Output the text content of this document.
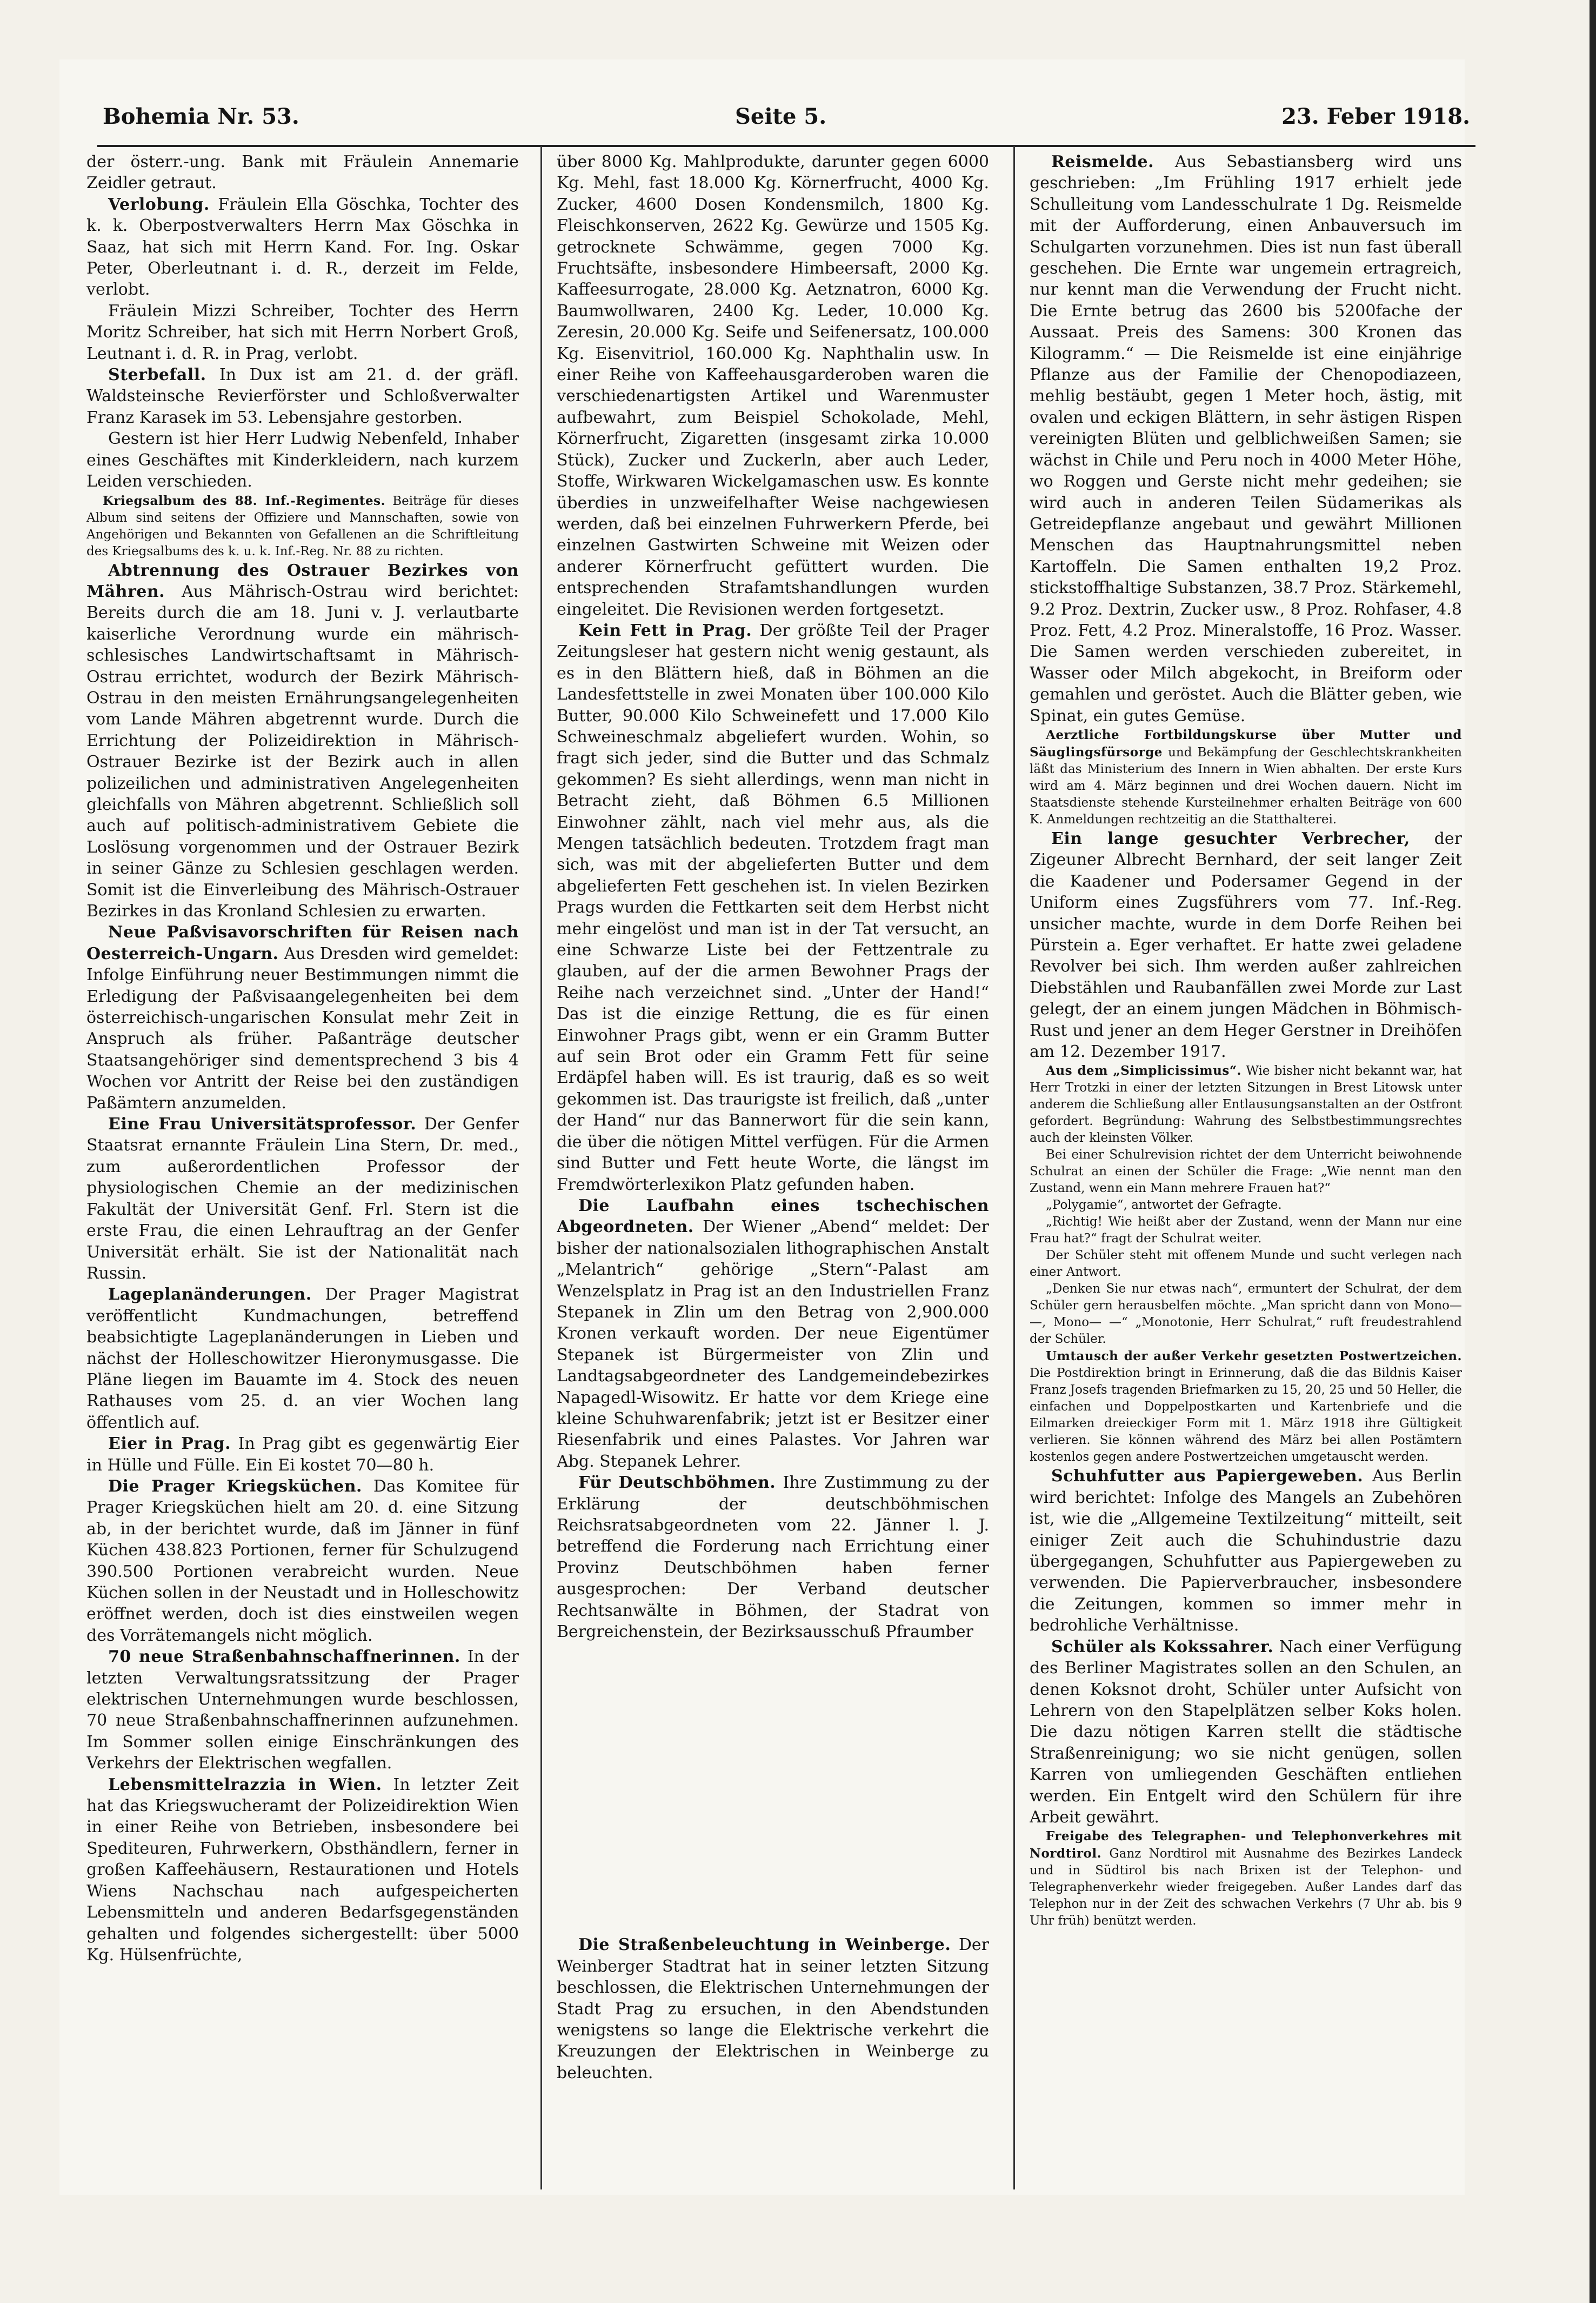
Bohemia Nr. 53.	Seite 5.	23. Feber 1918.

der österr.-ung. Bank mit Fräulein Annemarie Zeidler getraut.

Verlobung. Fräulein Ella Göschka, Tochter des k. k. Oberpostverwalters Herrn Max Göschka in Saaz, hat sich mit Herrn Kand. For. Ing. Oskar Peter, Oberleutnant i. d. R., derzeit im Felde, verlobt.

Fräulein Mizzi Schreiber, Tochter des Herrn Moritz Schreiber, hat sich mit Herrn Norbert Groß, Leutnant i. d. R. in Prag, verlobt.

Sterbefall. In Dux ist am 21. d. der gräfl. Waldsteinsche Revierförster und Schloßverwalter Franz Karasek im 53. Lebensjahre gestorben.

Gestern ist hier Herr Ludwig Nebenfeld, Inhaber eines Geschäftes mit Kinderkleidern, nach kurzem Leiden verschieden.

Kriegsalbum des 88. Inf.-Regimentes. Beiträge für dieses Album sind seitens der Offiziere und Mannschaften, sowie von Angehörigen und Bekannten von Gefallenen an die Schriftleitung des Kriegsalbums des k. u. k. Inf.-Reg. Nr. 88 zu richten.

Abtrennung des Ostrauer Bezirkes von Mähren. Aus Mährisch-Ostrau wird berichtet: Bereits durch die am 18. Juni v. J. verlautbarte kaiserliche Verordnung wurde ein mährisch-schlesisches Landwirtschaftsamt in Mährisch-Ostrau errichtet, wodurch der Bezirk Mährisch-Ostrau in den meisten Ernährungsangelegenheiten vom Lande Mähren abgetrennt wurde. Durch die Errichtung der Polizeidirektion in Mährisch-Ostrauer Bezirke ist der Bezirk auch in allen polizeilichen und administrativen Angelegenheiten gleichfalls von Mähren abgetrennt. Schließlich soll auch auf politisch-administrativem Gebiete die Loslösung vorgenommen und der Ostrauer Bezirk in seiner Gänze zu Schlesien geschlagen werden. Somit ist die Einverleibung des Mährisch-Ostrauer Bezirkes in das Kronland Schlesien zu erwarten.

Neue Paßvisavorschriften für Reisen nach Oesterreich-Ungarn. Aus Dresden wird gemeldet: Infolge Einführung neuer Bestimmungen nimmt die Erledigung der Paßvisaangelegenheiten bei dem österreichisch-ungarischen Konsulat mehr Zeit in Anspruch als früher. Paßanträge deutscher Staatsangehöriger sind dementsprechend 3 bis 4 Wochen vor Antritt der Reise bei den zuständigen Paßämtern anzumelden.

Eine Frau Universitätsprofessor. Der Genfer Staatsrat ernannte Fräulein Lina Stern, Dr. med., zum außerordentlichen Professor der physiologischen Chemie an der medizinischen Fakultät der Universität Genf. Frl. Stern ist die erste Frau, die einen Lehrauftrag an der Genfer Universität erhält. Sie ist der Nationalität nach Russin.

Lageplanänderungen. Der Prager Magistrat veröffentlicht Kundmachungen, betreffend beabsichtigte Lageplanänderungen in Lieben und nächst der Holleschowitzer Hieronymusgasse. Die Pläne liegen im Bauamte im 4. Stock des neuen Rathauses vom 25. d. an vier Wochen lang öffentlich auf.

Eier in Prag. In Prag gibt es gegenwärtig Eier in Hülle und Fülle. Ein Ei kostet 70—80 h.

Die Prager Kriegsküchen. Das Komitee für Prager Kriegsküchen hielt am 20. d. eine Sitzung ab, in der berichtet wurde, daß im Jänner in fünf Küchen 438.823 Portionen, ferner für Schulzugend 390.500 Portionen verabreicht wurden. Neue Küchen sollen in der Neustadt und in Holleschowitz eröffnet werden, doch ist dies einstweilen wegen des Vorrätemangels nicht möglich.

70 neue Straßenbahnschaffnerinnen. In der letzten Verwaltungsratssitzung der Prager elektrischen Unternehmungen wurde beschlossen, 70 neue Straßenbahnschaffnerinnen aufzunehmen. Im Sommer sollen einige Einschränkungen des Verkehrs der Elektrischen wegfallen.

Lebensmittelrazzia in Wien. In letzter Zeit hat das Kriegswucheramt der Polizeidirektion Wien in einer Reihe von Betrieben, insbesondere bei Spediteuren, Fuhrwerkern, Obsthändlern, ferner in großen Kaffeehäusern, Restaurationen und Hotels Wiens Nachschau nach aufgespeicherten Lebensmitteln und anderen Bedarfsgegenständen gehalten und folgendes sichergestellt: über 5000 Kg. Hülsenfrüchte,

über 8000 Kg. Mahlprodukte, darunter gegen 6000 Kg. Mehl, fast 18.000 Kg. Körnerfrucht, 4000 Kg. Zucker, 4600 Dosen Kondensmilch, 1800 Kg. Fleischkonserven, 2622 Kg. Gewürze und 1505 Kg. getrocknete Schwämme, gegen 7000 Kg. Fruchtsäfte, insbesondere Himbeersaft, 2000 Kg. Kaffeesurrogate, 28.000 Kg. Aetznatron, 6000 Kg. Baumwollwaren, 2400 Kg. Leder, 10.000 Kg. Zeresin, 20.000 Kg. Seife und Seifenersatz, 100.000 Kg. Eisenvitriol, 160.000 Kg. Naphthalin usw. In einer Reihe von Kaffeehausgarderoben waren die verschiedenartigsten Artikel und Warenmuster aufbewahrt, zum Beispiel Schokolade, Mehl, Körnerfrucht, Zigaretten (insgesamt zirka 10.000 Stück), Zucker und Zuckerln, aber auch Leder, Stoffe, Wirkwaren Wickelgamaschen usw. Es konnte überdies in unzweifelhafter Weise nachgewiesen werden, daß bei einzelnen Fuhrwerkern Pferde, bei einzelnen Gastwirten Schweine mit Weizen oder anderer Körnerfrucht gefüttert wurden. Die entsprechenden Strafamtshandlungen wurden eingeleitet. Die Revisionen werden fortgesetzt.

Kein Fett in Prag. Der größte Teil der Prager Zeitungsleser hat gestern nicht wenig gestaunt, als es in den Blättern hieß, daß in Böhmen an die Landesfettstelle in zwei Monaten über 100.000 Kilo Butter, 90.000 Kilo Schweinefett und 17.000 Kilo Schweineschmalz abgeliefert wurden. Wohin, so fragt sich jeder, sind die Butter und das Schmalz gekommen? Es sieht allerdings, wenn man nicht in Betracht zieht, daß Böhmen 6.5 Millionen Einwohner zählt, nach viel mehr aus, als die Mengen tatsächlich bedeuten. Trotzdem fragt man sich, was mit der abgelieferten Butter und dem abgelieferten Fett geschehen ist. In vielen Bezirken Prags wurden die Fettkarten seit dem Herbst nicht mehr eingelöst und man ist in der Tat versucht, an eine Schwarze Liste bei der Fettzentrale zu glauben, auf der die armen Bewohner Prags der Reihe nach verzeichnet sind. „Unter der Hand!“ Das ist die einzige Rettung, die es für einen Einwohner Prags gibt, wenn er ein Gramm Butter auf sein Brot oder ein Gramm Fett für seine Erdäpfel haben will. Es ist traurig, daß es so weit gekommen ist. Das traurigste ist freilich, daß „unter der Hand“ nur das Bannerwort für die sein kann, die über die nötigen Mittel verfügen. Für die Armen sind Butter und Fett heute Worte, die längst im Fremdwörterlexikon Platz gefunden haben.

Die Laufbahn eines tschechischen Abgeordneten. Der Wiener „Abend“ meldet: Der bisher der nationalsozialen lithographischen Anstalt „Melantrich“ gehörige „Stern“-Palast am Wenzelsplatz in Prag ist an den Industriellen Franz Stepanek in Zlin um den Betrag von 2,900.000 Kronen verkauft worden. Der neue Eigentümer Stepanek ist Bürgermeister von Zlin und Landtagsabgeordneter des Landgemeindebezirkes Napagedl-Wisowitz. Er hatte vor dem Kriege eine kleine Schuhwarenfabrik; jetzt ist er Besitzer einer Riesenfabrik und eines Palastes. Vor Jahren war Abg. Stepanek Lehrer.

Für Deutschböhmen. Ihre Zustimmung zu der Erklärung der deutschböhmischen Reichsratsabgeordneten vom 22. Jänner l. J. betreffend die Forderung nach Errichtung einer Provinz Deutschböhmen haben ferner ausgesprochen: Der Verband deutscher Rechtsanwälte in Böhmen, der Stadrat von Bergreichenstein, der Bezirksausschuß Pfraumber

Die Straßenbeleuchtung in Weinberge. Der Weinberger Stadtrat hat in seiner letzten Sitzung beschlossen, die Elektrischen Unternehmungen der Stadt Prag zu ersuchen, in den Abendstunden wenigstens so lange die Elektrische verkehrt die Kreuzungen der Elektrischen in Weinberge zu beleuchten.

Reismelde. Aus Sebastiansberg wird uns geschrieben: „Im Frühling 1917 erhielt jede Schulleitung vom Landesschulrate 1 Dg. Reismelde mit der Aufforderung, einen Anbauversuch im Schulgarten vorzunehmen. Dies ist nun fast überall geschehen. Die Ernte war ungemein ertragreich, nur kennt man die Verwendung der Frucht nicht. Die Ernte betrug das 2600 bis 5200fache der Aussaat. Preis des Samens: 300 Kronen das Kilogramm.“ — Die Reismelde ist eine einjährige Pflanze aus der Familie der Chenopodiazeen, mehlig bestäubt, gegen 1 Meter hoch, ästig, mit ovalen und eckigen Blättern, in sehr ästigen Rispen vereinigten Blüten und gelblichweißen Samen; sie wächst in Chile und Peru noch in 4000 Meter Höhe, wo Roggen und Gerste nicht mehr gedeihen; sie wird auch in anderen Teilen Südamerikas als Getreidepflanze angebaut und gewährt Millionen Menschen das Hauptnahrungsmittel neben Kartoffeln. Die Samen enthalten 19,2 Proz. stickstoffhaltige Substanzen, 38.7 Proz. Stärkemehl, 9.2 Proz. Dextrin, Zucker usw., 8 Proz. Rohfaser, 4.8 Proz. Fett, 4.2 Proz. Mineralstoffe, 16 Proz. Wasser. Die Samen werden verschieden zubereitet, in Wasser oder Milch abgekocht, in Breiform oder gemahlen und geröstet. Auch die Blätter geben, wie Spinat, ein gutes Gemüse.

Aerztliche Fortbildungskurse über Mutter und Säuglingsfürsorge und Bekämpfung der Geschlechtskrankheiten läßt das Ministerium des Innern in Wien abhalten. Der erste Kurs wird am 4. März beginnen und drei Wochen dauern. Nicht im Staatsdienste stehende Kursteilnehmer erhalten Beiträge von 600 K. Anmeldungen rechtzeitig an die Statthalterei.

Ein lange gesuchter Verbrecher, der Zigeuner Albrecht Bernhard, der seit langer Zeit die Kaadener und Podersamer Gegend in der Uniform eines Zugsführers vom 77. Inf.-Reg. unsicher machte, wurde in dem Dorfe Reihen bei Pürstein a. Eger verhaftet. Er hatte zwei geladene Revolver bei sich. Ihm werden außer zahlreichen Diebstählen und Raubanfällen zwei Morde zur Last gelegt, der an einem jungen Mädchen in Böhmisch-Rust und jener an dem Heger Gerstner in Dreihöfen am 12. Dezember 1917.

Aus dem „Simplicissimus“. Wie bisher nicht bekannt war, hat Herr Trotzki in einer der letzten Sitzungen in Brest Litowsk unter anderem die Schließung aller Entlausungsanstalten an der Ostfront gefordert. Begründung: Wahrung des Selbstbestimmungsrechtes auch der kleinsten Völker.

Bei einer Schulrevision richtet der dem Unterricht beiwohnende Schulrat an einen der Schüler die Frage: „Wie nennt man den Zustand, wenn ein Mann mehrere Frauen hat?“

„Polygamie“, antwortet der Gefragte.

„Richtig! Wie heißt aber der Zustand, wenn der Mann nur eine Frau hat?“ fragt der Schulrat weiter.

Der Schüler steht mit offenem Munde und sucht verlegen nach einer Antwort.

„Denken Sie nur etwas nach“, ermuntert der Schulrat, der dem Schüler gern herausbelfen möchte. „Man spricht dann von Mono— —, Mono— —“ „Monotonie, Herr Schulrat,“ ruft freudestrahlend der Schüler.

Umtausch der außer Verkehr gesetzten Postwertzeichen. Die Postdirektion bringt in Erinnerung, daß die das Bildnis Kaiser Franz Josefs tragenden Briefmarken zu 15, 20, 25 und 50 Heller, die einfachen und Doppelpostkarten und Kartenbriefe und die Eilmarken dreieckiger Form mit 1. März 1918 ihre Gültigkeit verlieren. Sie können während des März bei allen Postämtern kostenlos gegen andere Postwertzeichen umgetauscht werden.

Schuhfutter aus Papiergeweben. Aus Berlin wird berichtet: Infolge des Mangels an Zubehören ist, wie die „Allgemeine Textilzeitung“ mitteilt, seit einiger Zeit auch die Schuhindustrie dazu übergegangen, Schuhfutter aus Papiergeweben zu verwenden. Die Papierverbraucher, insbesondere die Zeitungen, kommen so immer mehr in bedrohliche Verhältnisse.

Schüler als Kokssahrer. Nach einer Verfügung des Berliner Magistrates sollen an den Schulen, an denen Koksnot droht, Schüler unter Aufsicht von Lehrern von den Stapelplätzen selber Koks holen. Die dazu nötigen Karren stellt die städtische Straßenreinigung; wo sie nicht genügen, sollen Karren von umliegenden Geschäften entliehen werden. Ein Entgelt wird den Schülern für ihre Arbeit gewährt.

Freigabe des Telegraphen- und Telephonverkehres mit Nordtirol. Ganz Nordtirol mit Ausnahme des Bezirkes Landeck und in Südtirol bis nach Brixen ist der Telephon- und Telegraphenverkehr wieder freigegeben. Außer Landes darf das Telephon nur in der Zeit des schwachen Verkehrs (7 Uhr ab. bis 9 Uhr früh) benützt werden.
